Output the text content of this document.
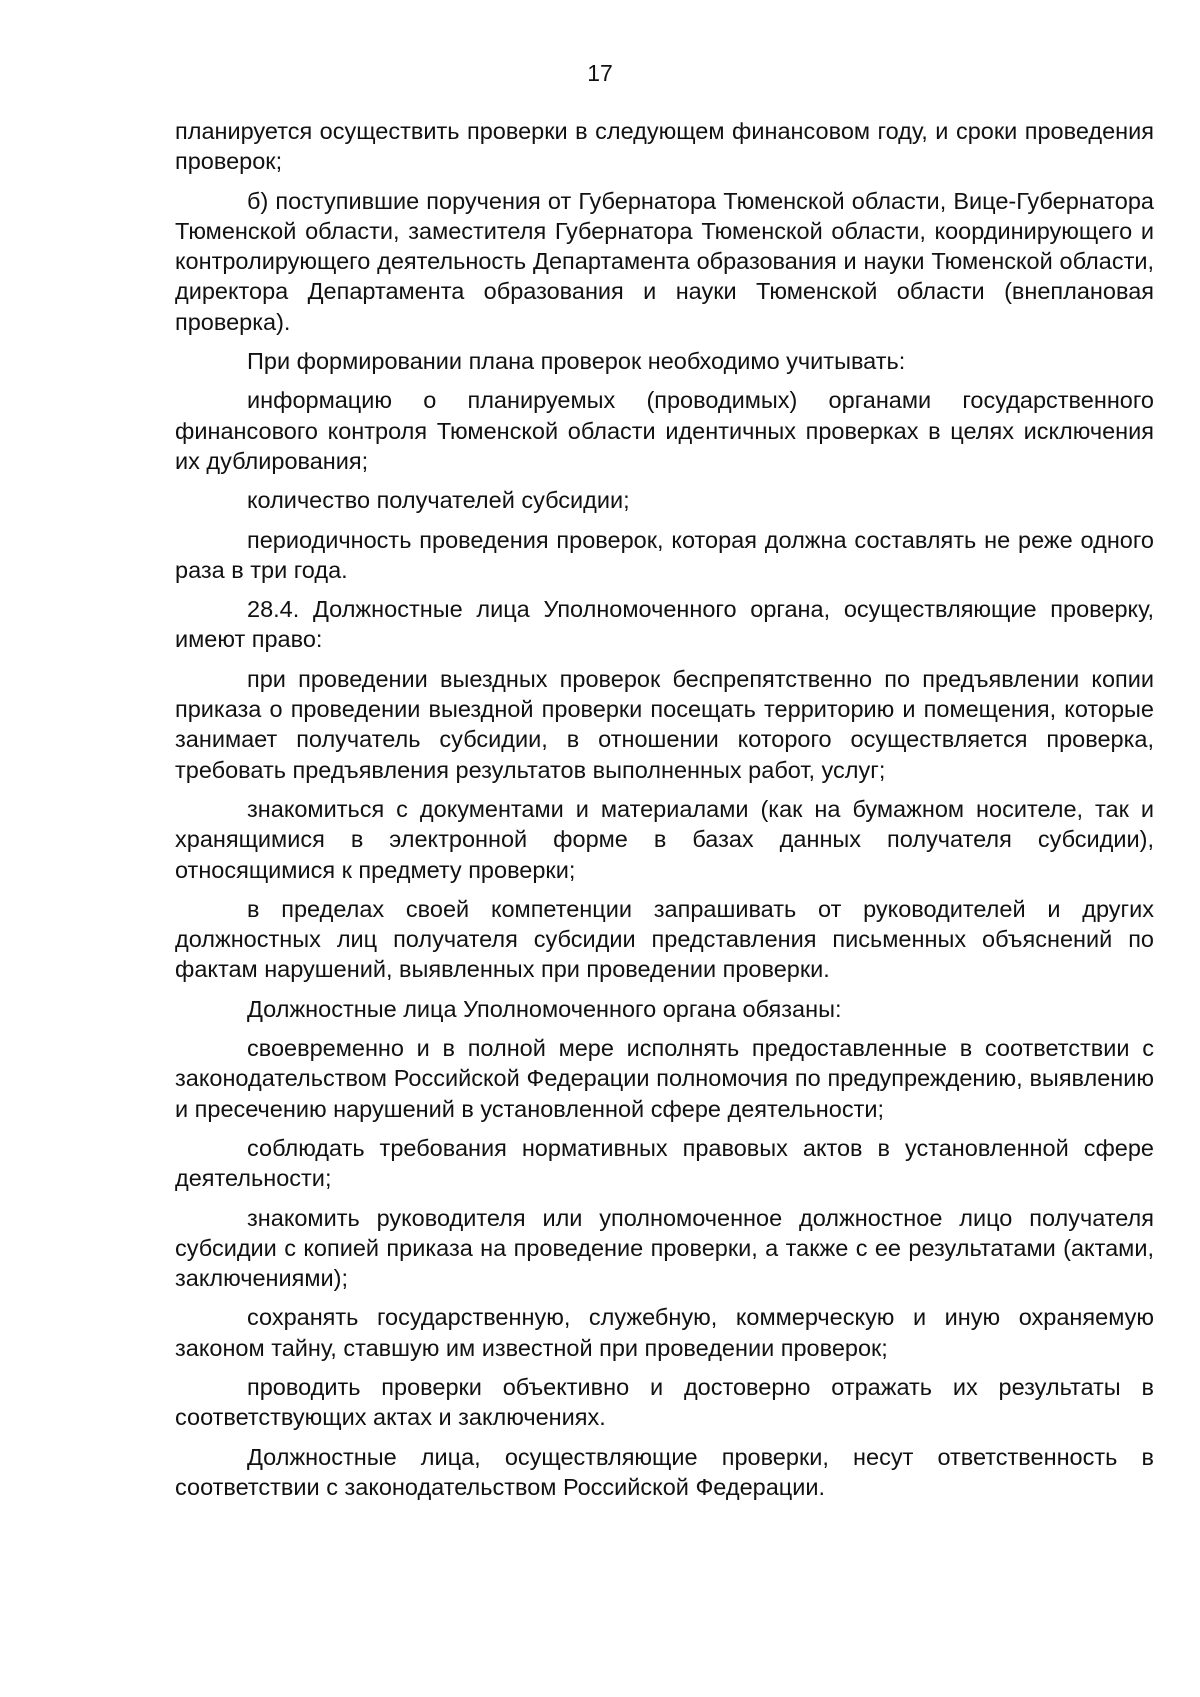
17

планируется осуществить проверки в следующем финансовом году, и сроки проведения проверок;

б) поступившие поручения от Губернатора Тюменской области, Вице-Губернатора Тюменской области, заместителя Губернатора Тюменской области, координирующего и контролирующего деятельность Департамента образования и науки Тюменской области, директора Департамента образования и науки Тюменской области (внеплановая проверка).

При формировании плана проверок необходимо учитывать:

информацию о планируемых (проводимых) органами государственного финансового контроля Тюменской области идентичных проверках в целях исключения их дублирования;

количество получателей субсидии;

периодичность проведения проверок, которая должна составлять не реже одного раза в три года.

28.4. Должностные лица Уполномоченного органа, осуществляющие проверку, имеют право:

при проведении выездных проверок беспрепятственно по предъявлении копии приказа о проведении выездной проверки посещать территорию и помещения, которые занимает получатель субсидии, в отношении которого осуществляется проверка, требовать предъявления результатов выполненных работ, услуг;

знакомиться с документами и материалами (как на бумажном носителе, так и хранящимися в электронной форме в базах данных получателя субсидии), относящимися к предмету проверки;

в пределах своей компетенции запрашивать от руководителей и других должностных лиц получателя субсидии представления письменных объяснений по фактам нарушений, выявленных при проведении проверки.

Должностные лица Уполномоченного органа обязаны:

своевременно и в полной мере исполнять предоставленные в соответствии с законодательством Российской Федерации полномочия по предупреждению, выявлению и пресечению нарушений в установленной сфере деятельности;

соблюдать требования нормативных правовых актов в установленной сфере деятельности;

знакомить руководителя или уполномоченное должностное лицо получателя субсидии с копией приказа на проведение проверки, а также с ее результатами (актами, заключениями);

сохранять государственную, служебную, коммерческую и иную охраняемую законом тайну, ставшую им известной при проведении проверок;

проводить проверки объективно и достоверно отражать их результаты в соответствующих актах и заключениях.

Должностные лица, осуществляющие проверки, несут ответственность в соответствии с законодательством Российской Федерации.
